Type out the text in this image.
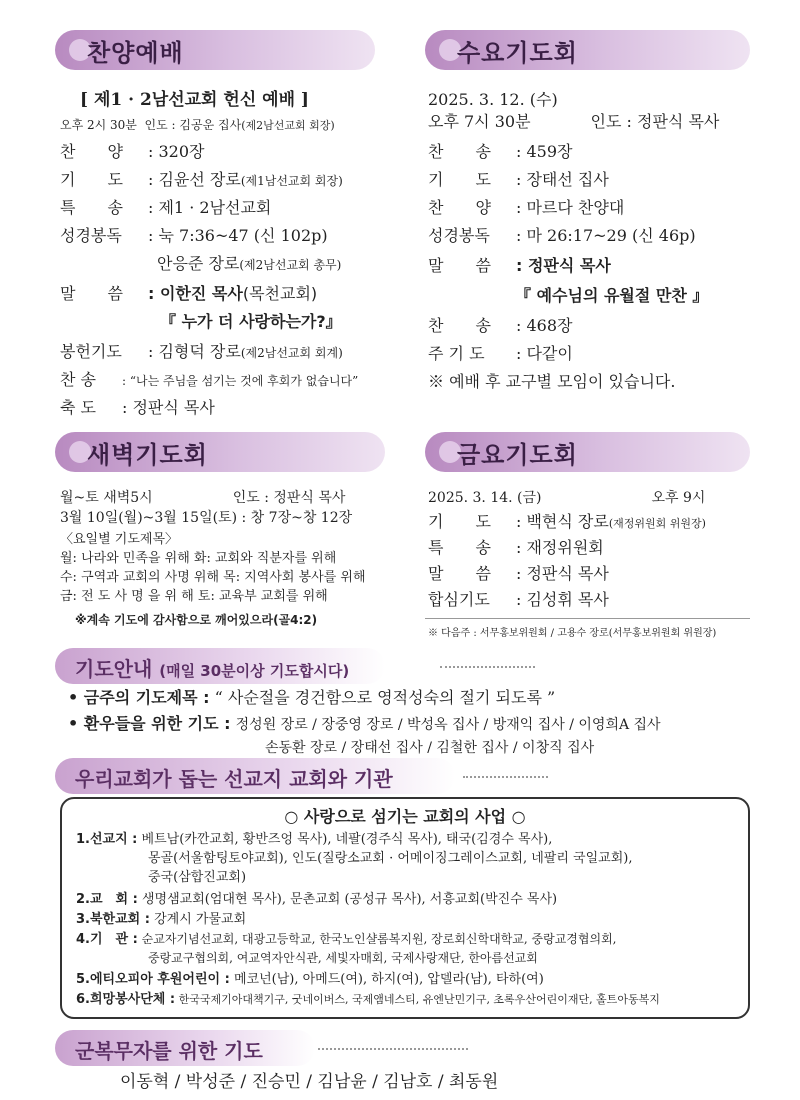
찬양예배
[ 제1 · 2남선교회 헌신 예배 ]
오후 2시 30분 인도 : 김공운 집사(제2남선교회 회장)
찬　　양 : 320장
기　　도 : 김윤선 장로(제1남선교회 회장)
특　　송 : 제1 · 2남선교회
성경봉독 : 눅 7:36~47 (신 102p)
안응준 장로(제2남선교회 총무)
말　　씀 : 이한진 목사(목천교회)
『 누가 더 사랑하는가?』
봉헌기도 : 김형덕 장로(제2남선교회 회계)
찬 송 : “나는 주님을 섬기는 것에 후회가 없습니다”
축 도 : 정판식 목사
수요기도회
2025. 3. 12. (수)
오후 7시 30분	인도 : 정판식 목사
찬　　송 : 459장
기　　도 : 장태선 집사
찬　　양 : 마르다 찬양대
성경봉독 : 마 26:17~29 (신 46p)
말　　씀 : 정판식 목사
『 예수님의 유월절 만찬 』
찬　　송 : 468장
주 기 도 : 다같이
※ 예배 후 교구별 모임이 있습니다.
새벽기도회
월~토 새벽5시	인도 : 정판식 목사
3월 10일(월)~3월 15일(토) : 창 7장~창 12장
〈요일별 기도제목〉
월: 나라와 민족을 위해 화: 교회와 직분자를 위해
수: 구역과 교회의 사명 위해 목: 지역사회 봉사를 위해
금: 전 도 사 명 을 위 해 토: 교육부 교회를 위해
※계속 기도에 감사함으로 깨어있으라(골4:2)
금요기도회
2025. 3. 14. (금)	오후 9시
기　　도 : 백현식 장로(재정위원회 위원장)
특　　송 : 재정위원회
말　　씀 : 정판식 목사
합심기도 : 김성휘 목사
※ 다음주 : 서무홍보위원회 / 고용수 장로(서무홍보위원회 위원장)
기도안내 (매일 30분이상 기도합시다)
• 금주의 기도제목 : “ 사순절을 경건함으로 영적성숙의 절기 되도록 ”
• 환우들을 위한 기도 : 정성원 장로 / 장중영 장로 / 박성옥 집사 / 방재익 집사 / 이영희A 집사
손동환 장로 / 장태선 집사 / 김철한 집사 / 이창직 집사
우리교회가 돕는 선교지 교회와 기관
○ 사랑으로 섬기는 교회의 사업 ○
1.선교지 : 베트남(카깐교회, 황반즈엉 목사), 네팔(경주식 목사), 태국(김경수 목사),
몽골(서울함팅토야교회), 인도(질랑소교회 · 어메이징그레이스교회, 네팔리 국일교회),
중국(삼합진교회)
2.교　회 : 생명샘교회(엄대현 목사), 문촌교회 (공성규 목사), 서흥교회(박진수 목사)
3.북한교회 : 강계시 가물교회
4.기　관 : 순교자기념선교회, 대광고등학교, 한국노인샬롬복지원, 장로회신학대학교, 중랑교경협의회,
중랑교구협의회, 여교역자안식관, 세빛자매회, 국제사랑재단, 한아름선교회
5.에티오피아 후원어린이 : 메코넌(남), 아메드(여), 하지(여), 압델라(남), 타하(여)
6.희망봉사단체 : 한국국제기아대책기구, 굿네이버스, 국제앰네스티, 유엔난민기구, 초록우산어린이재단, 홀트아동복지
군복무자를 위한 기도
이동혁 / 박성준 / 진승민 / 김남윤 / 김남호 / 최동원
